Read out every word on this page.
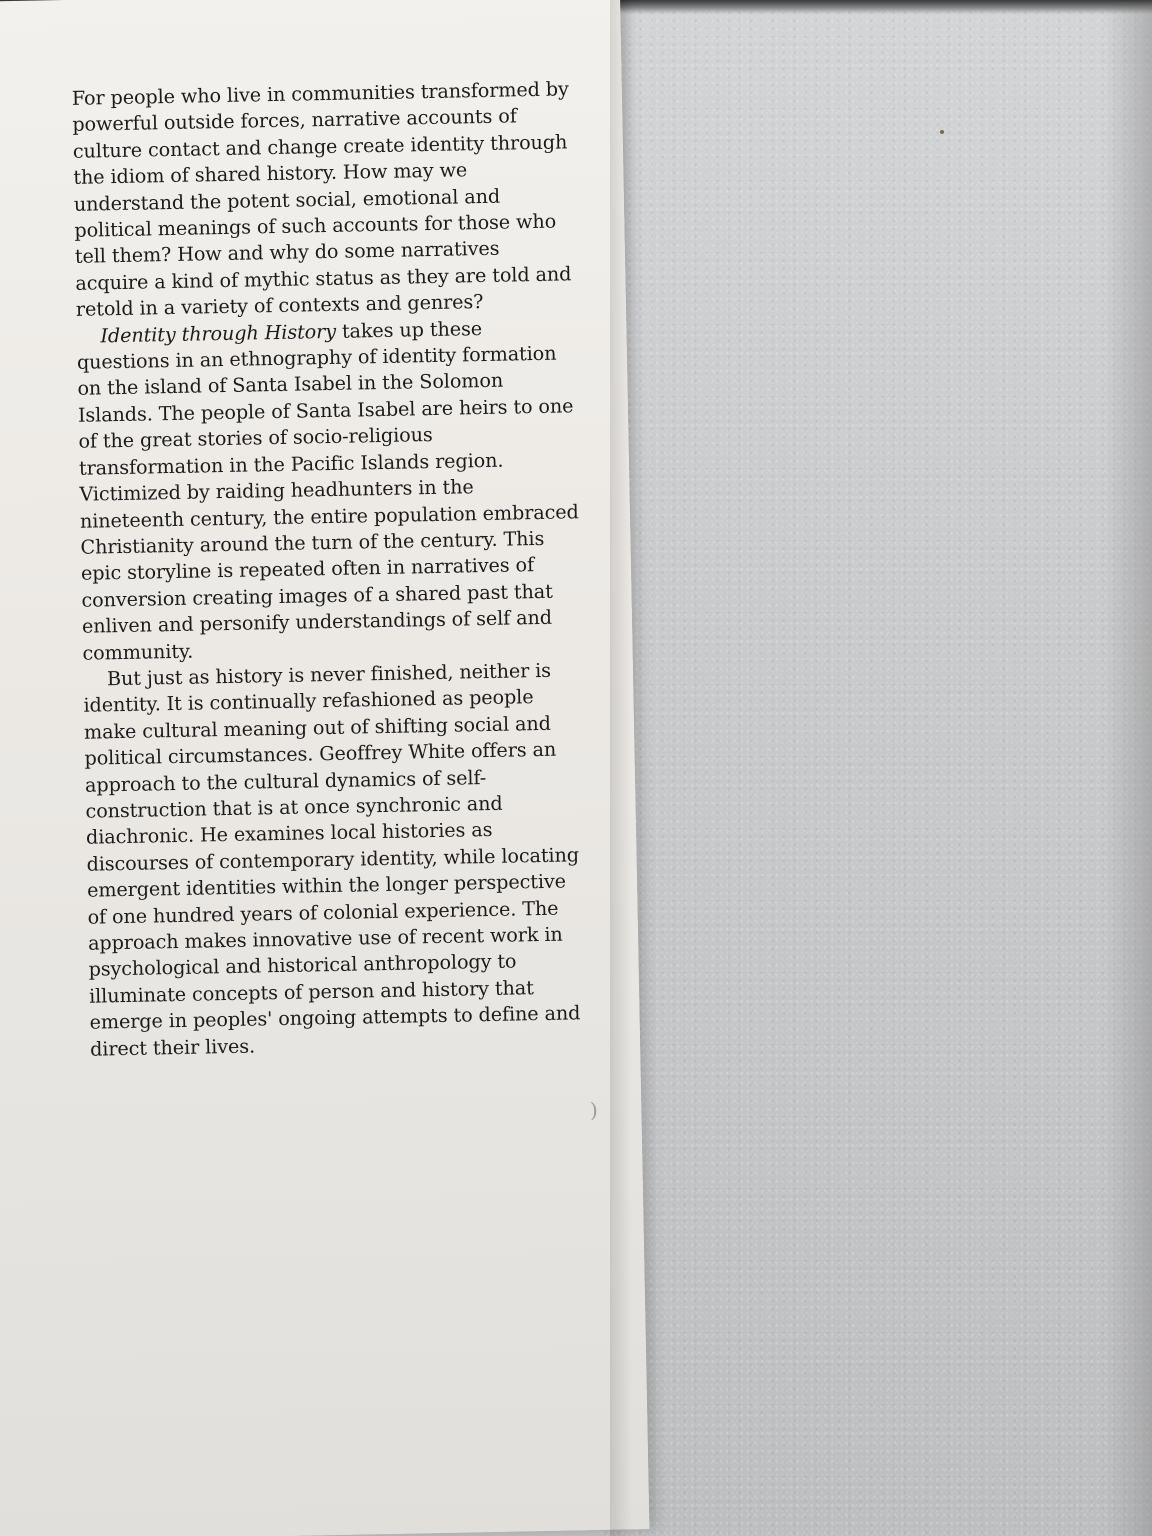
For people who live in communities transformed by powerful outside forces, narrative accounts of culture contact and change create identity through the idiom of shared history. How may we understand the potent social, emotional and political meanings of such accounts for those who tell them? How and why do some narratives acquire a kind of mythic status as they are told and retold in a variety of contexts and genres?

Identity through History takes up these questions in an ethnography of identity formation on the island of Santa Isabel in the Solomon Islands. The people of Santa Isabel are heirs to one of the great stories of socio-religious transformation in the Pacific Islands region. Victimized by raiding headhunters in the nineteenth century, the entire population embraced Christianity around the turn of the century. This epic storyline is repeated often in narratives of conversion creating images of a shared past that enliven and personify understandings of self and community.

But just as history is never finished, neither is identity. It is continually refashioned as people make cultural meaning out of shifting social and political circumstances. Geoffrey White offers an approach to the cultural dynamics of self-construction that is at once synchronic and diachronic. He examines local histories as discourses of contemporary identity, while locating emergent identities within the longer perspective of one hundred years of colonial experience. The approach makes innovative use of recent work in psychological and historical anthropology to illuminate concepts of person and history that emerge in peoples' ongoing attempts to define and direct their lives.

)
